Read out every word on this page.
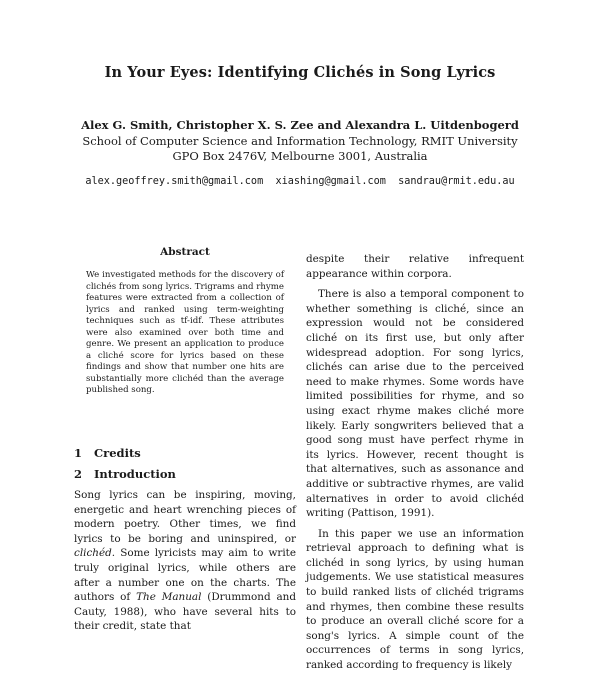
In Your Eyes: Identifying Clichés in Song Lyrics
Alex G. Smith, Christopher X. S. Zee and Alexandra L. Uitdenbogerd
School of Computer Science and Information Technology, RMIT University
GPO Box 2476V, Melbourne 3001, Australia
alex.geoffrey.smith@gmail.com  xiashing@gmail.com  sandrau@rmit.edu.au
Abstract
We investigated methods for the discovery of clichés from song lyrics. Trigrams and rhyme features were extracted from a collection of lyrics and ranked using term-weighting techniques such as tf-idf. These attributes were also examined over both time and genre. We present an application to produce a cliché score for lyrics based on these findings and show that number one hits are substantially more clichéd than the average published song.
1   Credits
2   Introduction

Song lyrics can be inspiring, moving, energetic and heart wrenching pieces of modern poetry. Other times, we find lyrics to be boring and uninspired, or clichéd. Some lyricists may aim to write truly original lyrics, while others are after a number one on the charts. The authors of The Manual (Drummond and Cauty, 1988), who have several hits to their credit, state that

despite their relative infrequent appearance within corpora.

There is also a temporal component to whether something is cliché, since an expression would not be considered cliché on its first use, but only after widespread adoption. For song lyrics, clichés can arise due to the perceived need to make rhymes. Some words have limited possibilities for rhyme, and so using exact rhyme makes cliché more likely. Early songwriters believed that a good song must have perfect rhyme in its lyrics. However, recent thought is that alternatives, such as assonance and additive or subtractive rhymes, are valid alternatives in order to avoid clichéd writing (Pattison, 1991).

In this paper we use an information retrieval approach to defining what is clichéd in song lyrics, by using human judgements. We use statistical measures to build ranked lists of clichéd trigrams and rhymes, then combine these results to produce an overall cliché score for a song's lyrics. A simple count of the occurrences of terms in song lyrics, ranked according to frequency is likely
